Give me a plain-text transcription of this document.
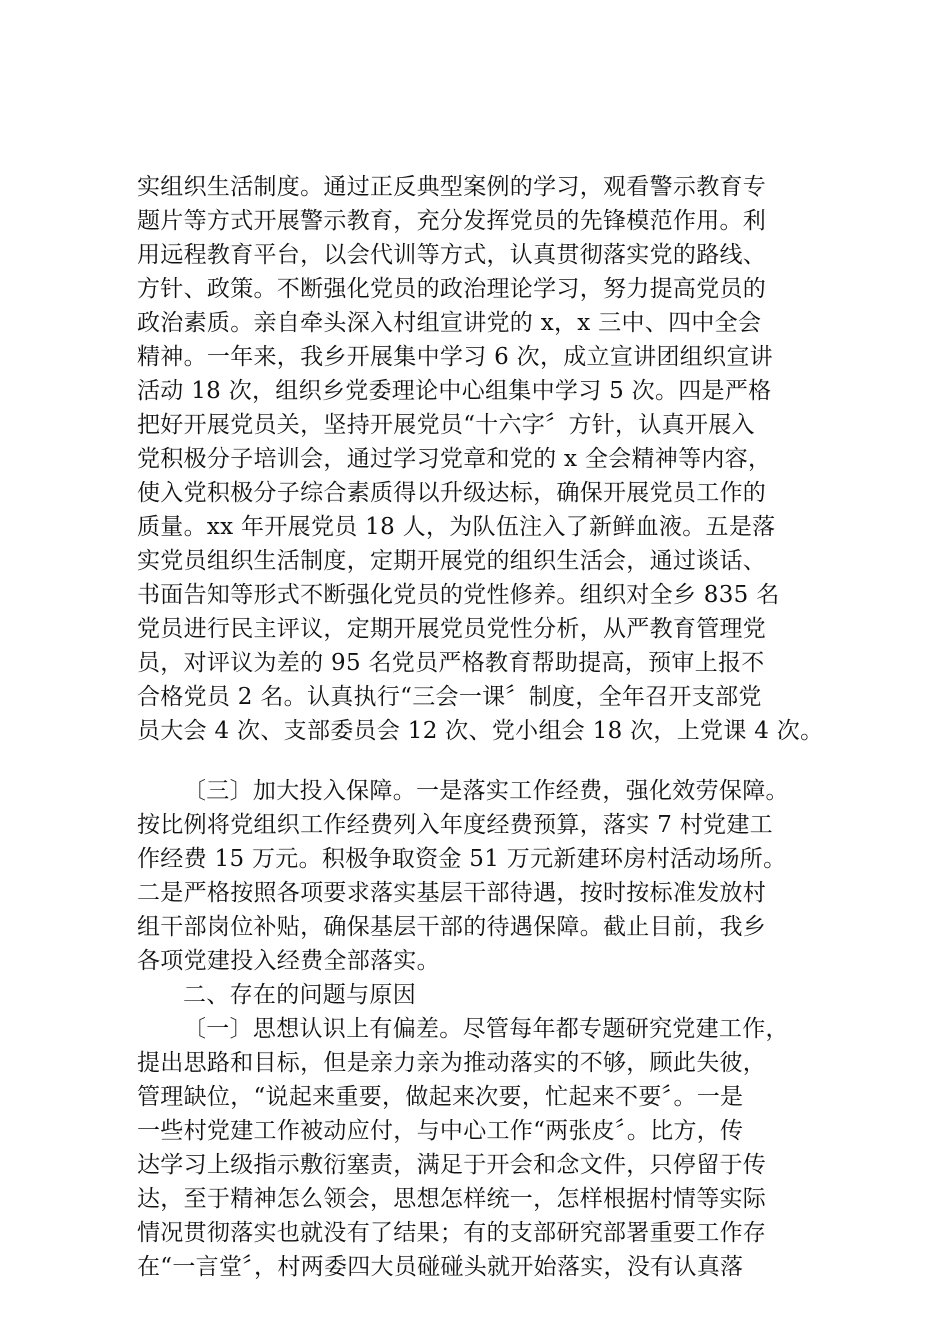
实组织生活制度。通过正反典型案例的学习，观看警示教育专
题片等方式开展警示教育，充分发挥党员的先锋模范作用。利
用远程教育平台，以会代训等方式，认真贯彻落实党的路线、
方针、政策。不断强化党员的政治理论学习，努力提高党员的
政治素质。亲自牵头深入村组宣讲党的 x，x 三中、四中全会
精神。一年来，我乡开展集中学习 6 次，成立宣讲团组织宣讲
活动 18 次，组织乡党委理论中心组集中学习 5 次。四是严格
把好开展党员关，坚持开展党员“十六字〞方针，认真开展入
党积极分子培训会，通过学习党章和党的 x 全会精神等内容，
使入党积极分子综合素质得以升级达标，确保开展党员工作的
质量。xx 年开展党员 18 人，为队伍注入了新鲜血液。五是落
实党员组织生活制度，定期开展党的组织生活会，通过谈话、
书面告知等形式不断强化党员的党性修养。组织对全乡 835 名
党员进行民主评议，定期开展党员党性分析，从严教育管理党
员，对评议为差的 95 名党员严格教育帮助提高，预审上报不
合格党员 2 名。认真执行“三会一课〞制度，全年召开支部党
员大会 4 次、支部委员会 12 次、党小组会 18 次，上党课 4 次。
〔三〕加大投入保障。一是落实工作经费，强化效劳保障。
按比例将党组织工作经费列入年度经费预算，落实 7 村党建工
作经费 15 万元。积极争取资金 51 万元新建环房村活动场所。
二是严格按照各项要求落实基层干部待遇，按时按标准发放村
组干部岗位补贴，确保基层干部的待遇保障。截止目前，我乡
各项党建投入经费全部落实。
二、存在的问题与原因
〔一〕思想认识上有偏差。尽管每年都专题研究党建工作，
提出思路和目标，但是亲力亲为推动落实的不够，顾此失彼，
管理缺位，“说起来重要，做起来次要，忙起来不要〞。一是
一些村党建工作被动应付，与中心工作“两张皮〞。比方，传
达学习上级指示敷衍塞责，满足于开会和念文件，只停留于传
达，至于精神怎么领会，思想怎样统一，怎样根据村情等实际
情况贯彻落实也就没有了结果；有的支部研究部署重要工作存
在“一言堂〞，村两委四大员碰碰头就开始落实，没有认真落
